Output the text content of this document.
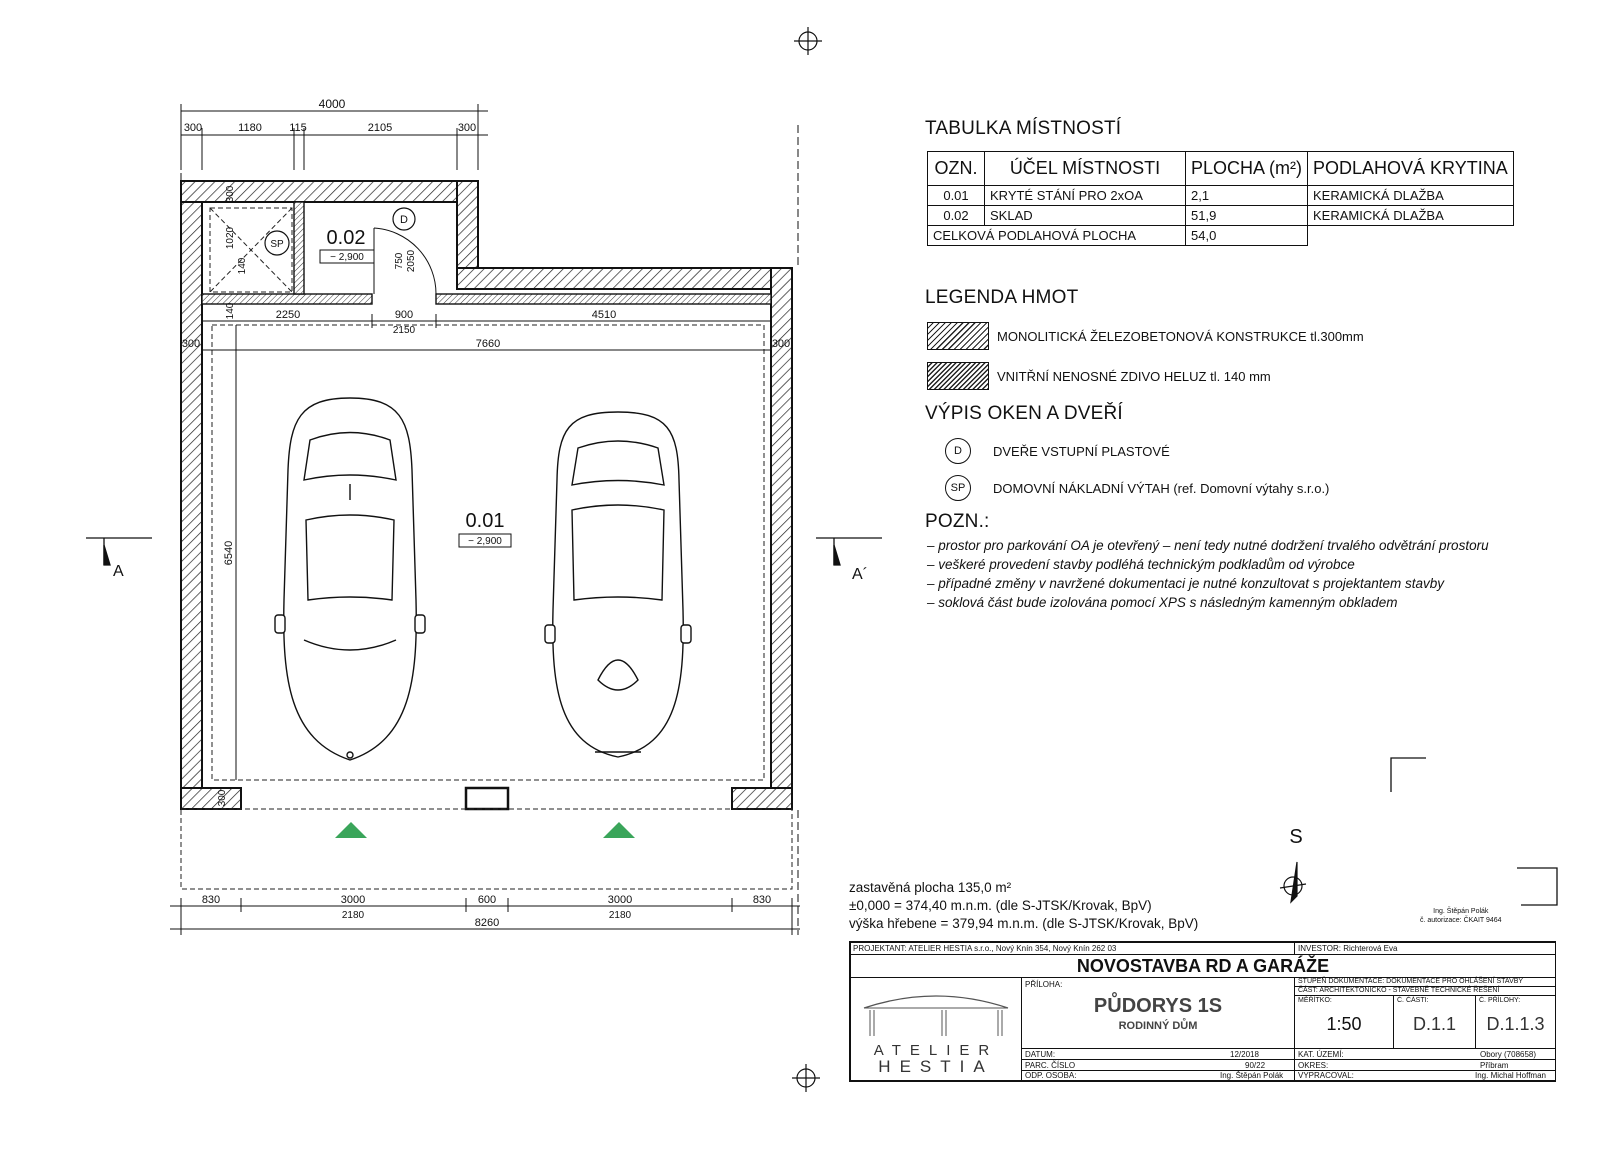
4000
300	1180 115	2105	300
300
1020
140	750 2050
0.02
− 2,900
SP
D
2250	900
2150
4510
140
7660
300	300
6540
300
0.01
− 2,900
830	3000
2180
600	3000
2180
830
8260
A	A´
S
TABULKA MÍSTNOSTÍ
OZN.	ÚČEL MÍSTNOSTI	PLOCHA (m²)	PODLAHOVÁ KRYTINA
0.01	KRYTÉ STÁNÍ PRO 2xOA	2,1	KERAMICKÁ DLAŽBA
0.02	SKLAD	51,9	KERAMICKÁ DLAŽBA
CELKOVÁ PODLAHOVÁ PLOCHA		54,0	
LEGENDA HMOT
MONOLITICKÁ ŽELEZOBETONOVÁ KONSTRUKCE tl.300mm
VNITŘNÍ NENOSNÉ ZDIVO HELUZ tl. 140 mm
VÝPIS OKEN A DVEŘÍ
D	DVEŘE VSTUPNÍ PLASTOVÉ
SP	DOMOVNÍ NÁKLADNÍ VÝTAH (ref. Domovní výtahy s.r.o.)
POZN.:
– prostor pro parkování OA je otevřený – není tedy nutné dodržení trvalého odvětrání prostoru
– veškeré provedení stavby podléhá technickým podkladům od výrobce
– případné změny v navržené dokumentaci je nutné konzultovat s projektantem stavby
– soklová část bude izolována pomocí XPS s následným kamenným obkladem
zastavěná plocha 135,0 m²
±0,000 = 374,40 m.n.m. (dle S-JTSK/Krovak, BpV)
výška hřebene = 379,94 m.n.m. (dle S-JTSK/Krovak, BpV)
Ing. Štěpán Polák
č. autorizace: ČKAIT 9464
PROJEKTANT: ATELIER HESTIA s.r.o., Nový Knín 354, Nový Knín 262 03	INVESTOR: Richterová Eva
NOVOSTAVBA RD A GARÁŽE
ATELIER
HESTIA
PŘÍLOHA:
PŮDORYS 1S
RODINNÝ DŮM
STUPEŇ DOKUMENTACE: DOKUMENTACE PRO OHLÁŠENÍ STAVBY
ČÁST: ARCHITEKTONICKO - STAVEBNĚ TECHNICKÉ ŘEŠENÍ
MĚŘÍTKO:
1:50
Č. ČÁSTI:
D.1.1
Č. PŘÍLOHY:
D.1.1.3
DATUM:	12/2018
PARC. ČÍSLO	90/22
ODP. OSOBA:	Ing. Štěpán Polák
KAT. ÚZEMÍ:	Obory (708658)
OKRES:	Příbram
VYPRACOVAL:	Ing. Michal Hoffman
